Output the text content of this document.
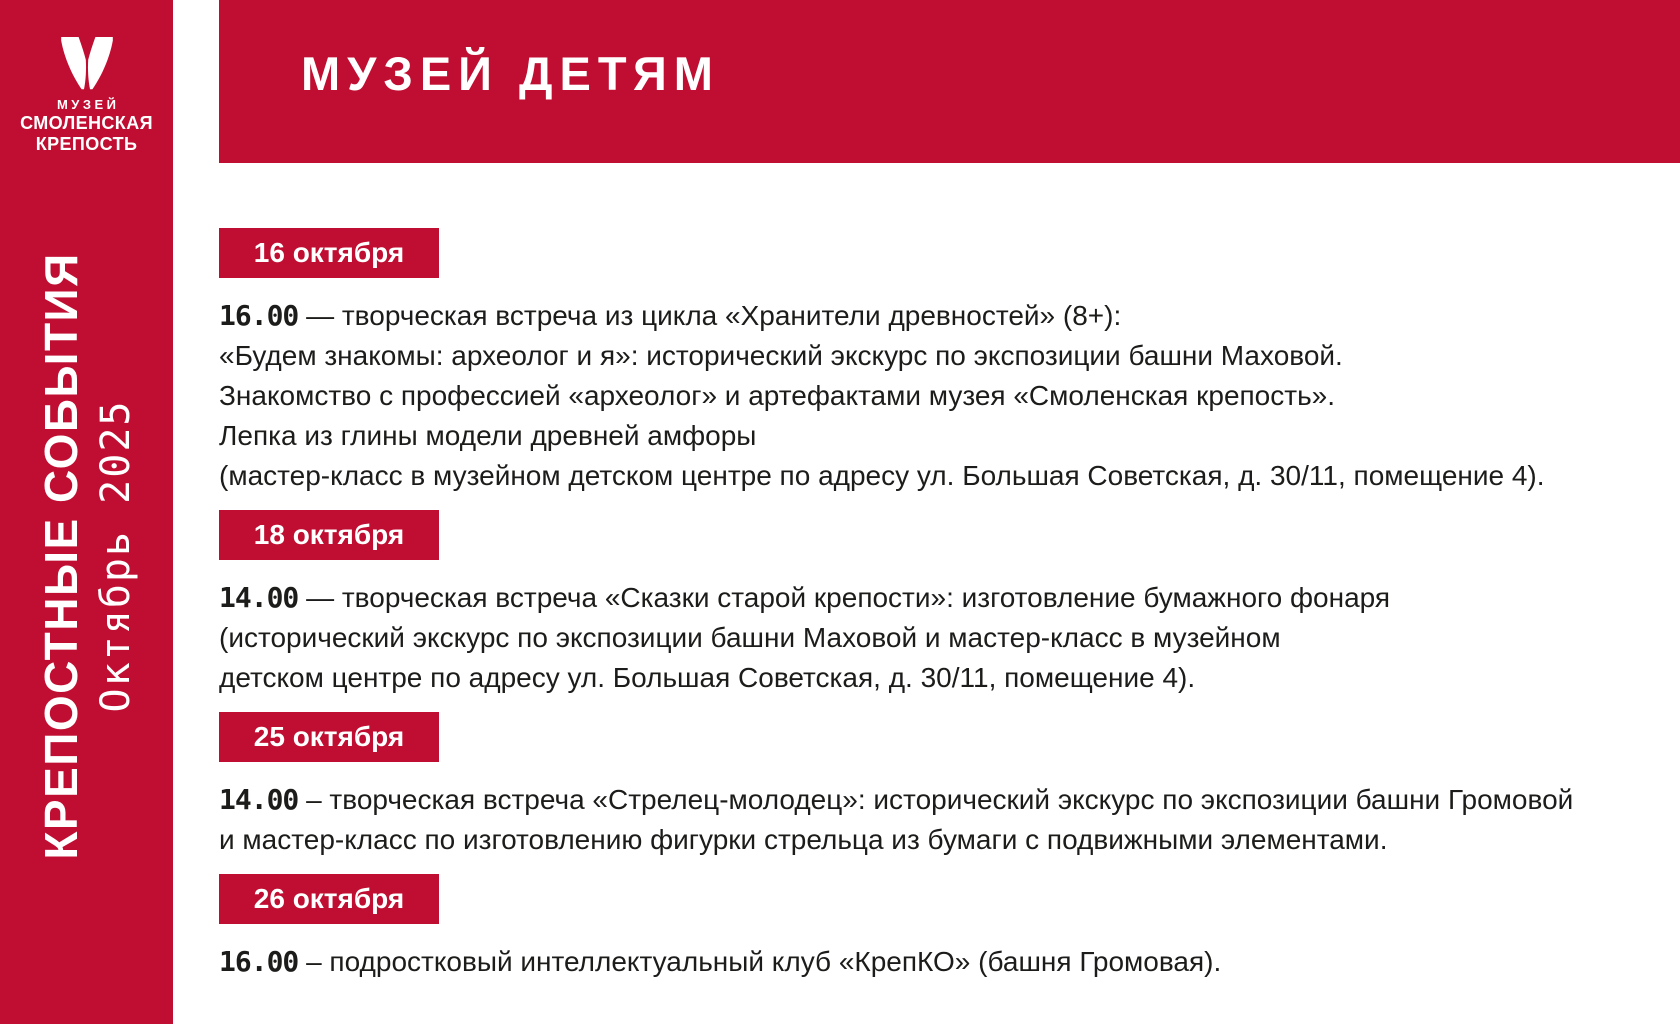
МУЗЕЙ
СМОЛЕНСКАЯ
КРЕПОСТЬ
КРЕПОСТНЫЕ СОБЫТИЯ Октябрь 2025
МУЗЕЙ ДЕТЯМ
16 октября
16.00 — творческая встреча из цикла «Хранители древностей» (8+):
«Будем знакомы: археолог и я»: исторический экскурс по экспозиции башни Маховой.
Знакомство с профессией «археолог» и артефактами музея «Смоленская крепость».
Лепка из глины модели древней амфоры
(мастер-класс в музейном детском центре по адресу ул. Большая Советская, д. 30/11, помещение 4).
18 октября
14.00 — творческая встреча «Сказки старой крепости»: изготовление бумажного фонаря
(исторический экскурс по экспозиции башни Маховой и мастер-класс в музейном
детском центре по адресу ул. Большая Советская, д. 30/11, помещение 4).
25 октября
14.00 – творческая встреча «Стрелец-молодец»: исторический экскурс по экспозиции башни Громовой
и мастер-класс по изготовлению фигурки стрельца из бумаги с подвижными элементами.
26 октября
16.00 – подростковый интеллектуальный клуб «КрепКО» (башня Громовая).
